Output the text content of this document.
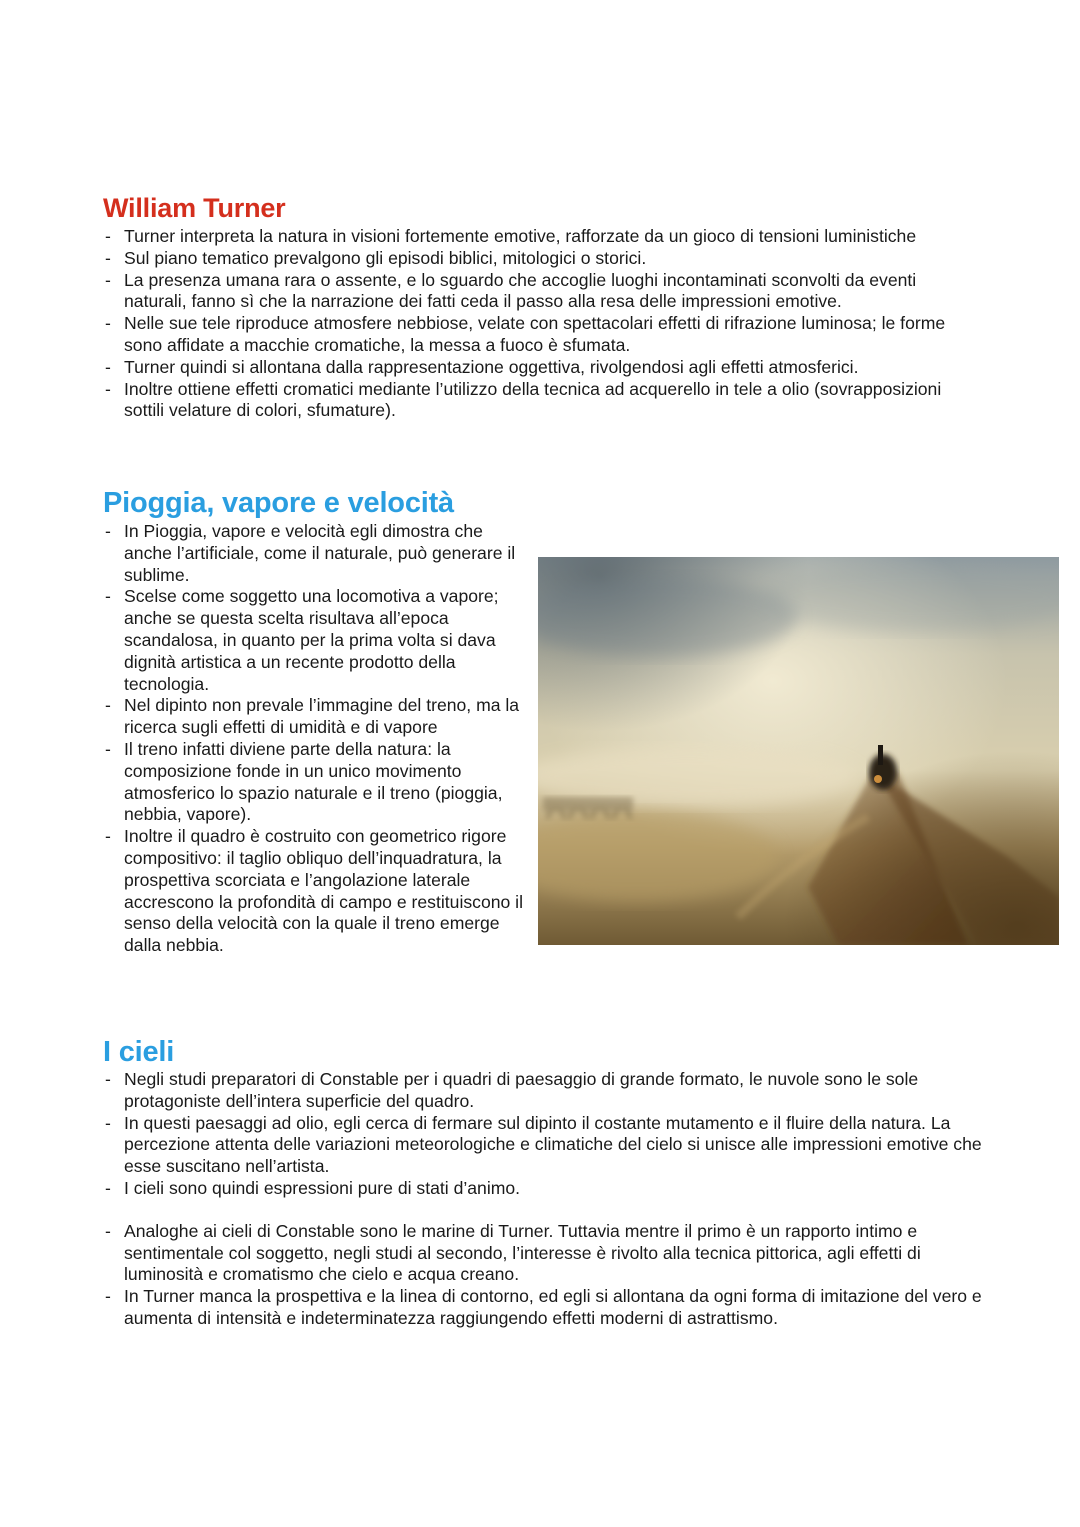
William Turner
- Turner interpreta la natura in visioni fortemente emotive, rafforzate da un gioco di tensioni luministiche
- Sul piano tematico prevalgono gli episodi biblici, mitologici o storici.
- La presenza umana rara o assente, e lo sguardo che accoglie luoghi incontaminati sconvolti da eventi naturali, fanno sì che la narrazione dei fatti ceda il passo alla resa delle impressioni emotive.
- Nelle sue tele riproduce atmosfere nebbiose, velate con spettacolari effetti di rifrazione luminosa; le forme sono affidate a macchie cromatiche, la messa a fuoco è sfumata.
- Turner quindi si allontana dalla rappresentazione oggettiva, rivolgendosi agli effetti atmosferici.
- Inoltre ottiene effetti cromatici mediante l’utilizzo della tecnica ad acquerello in tele a olio (sovrapposizioni sottili velature di colori, sfumature).
Pioggia, vapore e velocità
- In Pioggia, vapore e velocità egli dimostra che anche l’artificiale, come il naturale, può generare il sublime.
- Scelse come soggetto una locomotiva a vapore; anche se questa scelta risultava all’epoca scandalosa, in quanto per la prima volta si dava dignità artistica a un recente prodotto della tecnologia.
- Nel dipinto non prevale l’immagine del treno, ma la ricerca sugli effetti di umidità e di vapore
- Il treno infatti diviene parte della natura: la composizione fonde in un unico movimento atmosferico lo spazio naturale e il treno (pioggia, nebbia, vapore).
- Inoltre il quadro è costruito con geometrico rigore compositivo: il taglio obliquo dell’inquadratura, la prospettiva scorciata e l’angolazione laterale accrescono la profondità di campo e restituiscono il senso della velocità con la quale il treno emerge dalla nebbia.
I cieli
- Negli studi preparatori di Constable per i quadri di paesaggio di grande formato, le nuvole sono le sole protagoniste dell’intera superficie del quadro.
- In questi paesaggi ad olio, egli cerca di fermare sul dipinto il costante mutamento e il fluire della natura. La percezione attenta delle variazioni meteorologiche e climatiche del cielo si unisce alle impressioni emotive che esse suscitano nell’artista.
- I cieli sono quindi espressioni pure di stati d’animo.
- Analoghe ai cieli di Constable sono le marine di Turner. Tuttavia mentre il primo è un rapporto intimo e sentimentale col soggetto, negli studi al secondo, l’interesse è rivolto alla tecnica pittorica, agli effetti di luminosità e cromatismo che cielo e acqua creano.
- In Turner manca la prospettiva e la linea di contorno, ed egli si allontana da ogni forma di imitazione del vero e aumenta di intensità e indeterminatezza raggiungendo effetti moderni di astrattismo.
